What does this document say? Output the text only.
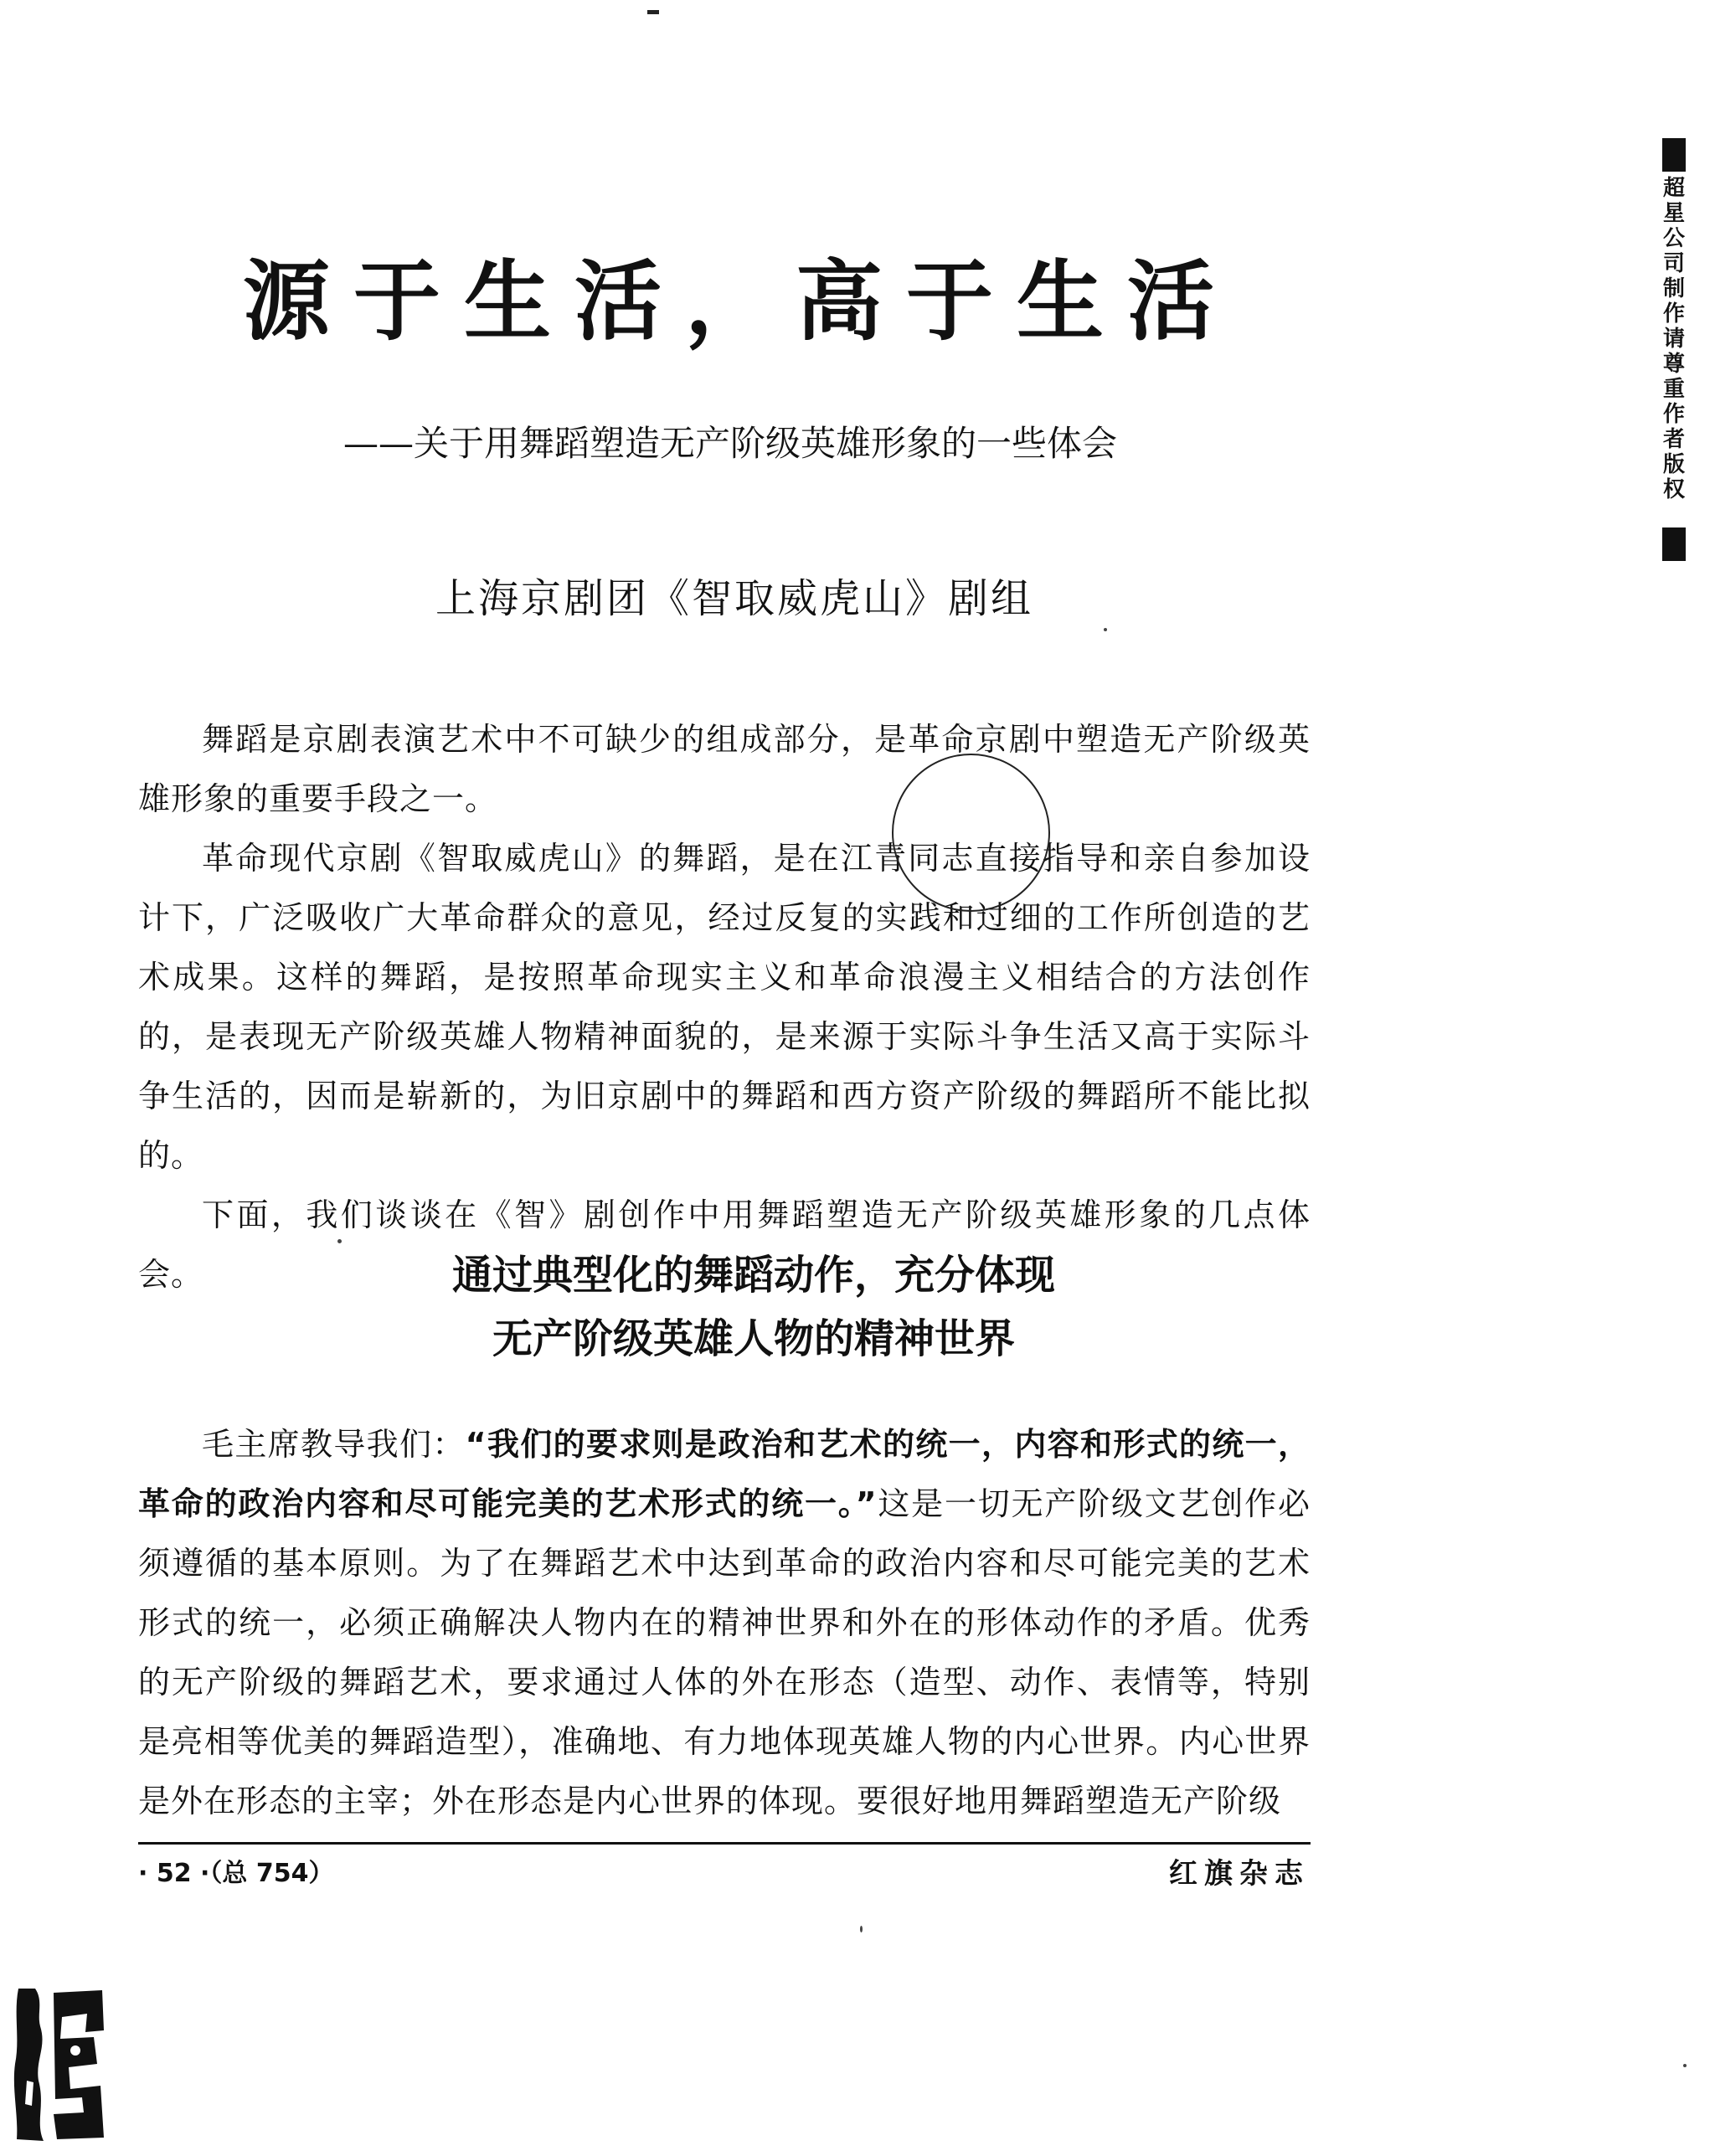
源于生活，高于生活
——关于用舞蹈塑造无产阶级英雄形象的一些体会
上海京剧团《智取威虎山》剧组

舞蹈是京剧表演艺术中不可缺少的组成部分，是革命京剧中塑造无产阶级英雄形象的重要手段之一。

革命现代京剧《智取威虎山》的舞蹈，是在江青同志直接指导和亲自参加设计下，广泛吸收广大革命群众的意见，经过反复的实践和过细的工作所创造的艺术成果。这样的舞蹈，是按照革命现实主义和革命浪漫主义相结合的方法创作的，是表现无产阶级英雄人物精神面貌的，是来源于实际斗争生活又高于实际斗争生活的，因而是崭新的，为旧京剧中的舞蹈和西方资产阶级的舞蹈所不能比拟的。

下面，我们谈谈在《智》剧创作中用舞蹈塑造无产阶级英雄形象的几点体会。	通过典型化的舞蹈动作，充分体现
无产阶级英雄人物的精神世界

毛主席教导我们：“我们的要求则是政治和艺术的统一，内容和形式的统一，革命的政治内容和尽可能完美的艺术形式的统一。”这是一切无产阶级文艺创作必须遵循的基本原则。为了在舞蹈艺术中达到革命的政治内容和尽可能完美的艺术形式的统一，必须正确解决人物内在的精神世界和外在的形体动作的矛盾。优秀的无产阶级的舞蹈艺术，要求通过人体的外在形态（造型、动作、表情等，特别是亮相等优美的舞蹈造型），准确地、有力地体现英雄人物的内心世界。内心世界是外在形态的主宰；外在形态是内心世界的体现。要很好地用舞蹈塑造无产阶级

· 52 ·（总 754）	红旗杂志
超
星
公
司
制
作
请
尊
重
作
者
版
权
